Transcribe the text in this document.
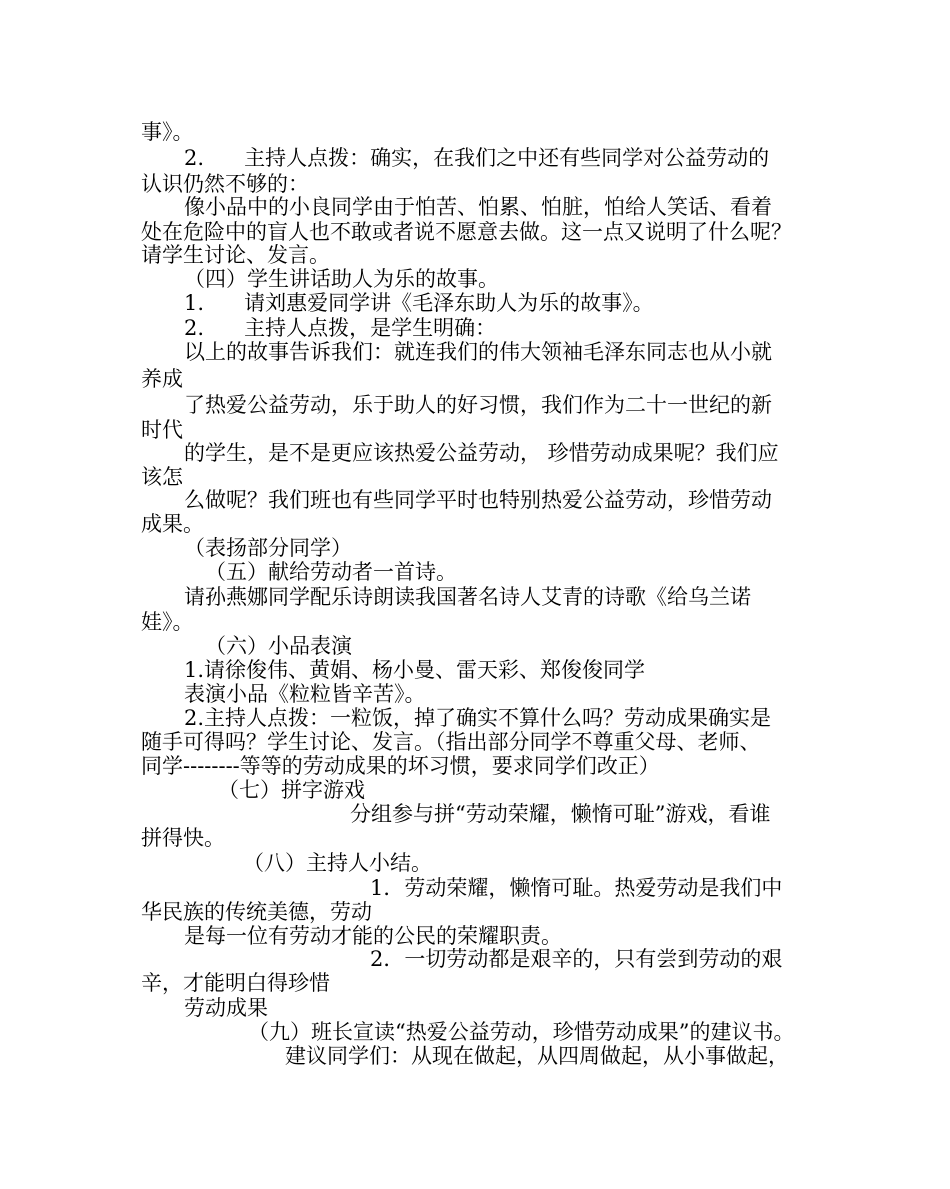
事》。
2.      主持人点拨：确实，在我们之中还有些同学对公益劳动的
认识仍然不够的：
像小品中的小良同学由于怕苦、怕累、怕脏，怕给人笑话、看着
处在危险中的盲人也不敢或者说不愿意去做。这一点又说明了什么呢？
请学生讨论、发言。
（四）学生讲话助人为乐的故事。
1.      请刘惠爱同学讲《毛泽东助人为乐的故事》。
2.      主持人点拨，是学生明确：
以上的故事告诉我们：就连我们的伟大领袖毛泽东同志也从小就
养成
了热爱公益劳动，乐于助人的好习惯，我们作为二十一世纪的新
时代
的学生，是不是更应该热爱公益劳动， 珍惜劳动成果呢？我们应
该怎
么做呢？我们班也有些同学平时也特别热爱公益劳动，珍惜劳动
成果。
（表扬部分同学）
（五）献给劳动者一首诗。
请孙燕娜同学配乐诗朗读我国著名诗人艾青的诗歌《给乌兰诺
娃》。
（六）小品表演
1.请徐俊伟、黄娟、杨小曼、雷天彩、郑俊俊同学
表演小品《粒粒皆辛苦》。
2.主持人点拨：一粒饭，掉了确实不算什么吗？劳动成果确实是
随手可得吗？学生讨论、发言。（指出部分同学不尊重父母、老师、
同学--------等等的劳动成果的坏习惯，要求同学们改正）
（七）拼字游戏
分组参与拼“劳动荣耀，懒惰可耻”游戏，看谁
拼得快。
（八）主持人小结。
1．劳动荣耀，懒惰可耻。热爱劳动是我们中
华民族的传统美德，劳动
是每一位有劳动才能的公民的荣耀职责。
2．一切劳动都是艰辛的，只有尝到劳动的艰
辛，才能明白得珍惜
劳动成果
（九）班长宣读“热爱公益劳动，珍惜劳动成果”的建议书。
建议同学们：从现在做起，从四周做起，从小事做起，
